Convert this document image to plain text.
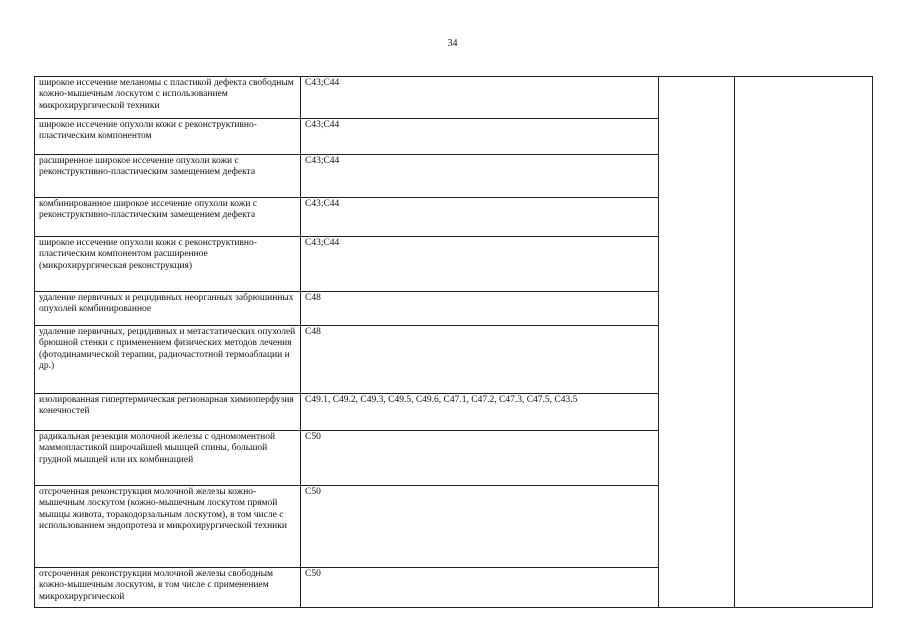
34
широкое иссечение меланомы с пластикой дефекта свободным кожно-мышечным лоскутом с использованием микрохирургической техники	C43;C44		
широкое иссечение опухоли кожи с реконструктивно-пластическим компонентом	C43;C44		
расширенное широкое иссечение опухоли кожи с реконструктивно-пластическим замещением дефекта	C43;C44		
комбинированное широкое иссечение опухоли кожи с реконструктивно-пластическим замещением дефекта	C43;C44		
широкое иссечение опухоли кожи с реконструктивно-пластическим компонентом расширенное (микрохирургическая реконструкция)	C43;C44		
удаление первичных и рецидивных неорганных забрюшинных опухолей комбинированное	C48		
удаление первичных, рецидивных и метастатических опухолей брюшной стенки с применением физических методов лечения (фотодинамической терапии, радиочастотной термоаблации и др.)	C48		
изолированная гипертермическая регионарная химиоперфузия конечностей	C49.1, C49.2, C49.3, C49.5, C49.6, C47.1, C47.2, C47.3, C47.5, C43.5		
радикальная резекция молочной железы с одномоментной маммопластикой широчайшей мышцей спины, большой грудной мышцей или их комбинацией	C50		
отсроченная реконструкция молочной железы кожно-мышечным лоскутом (кожно-мышечным лоскутом прямой мышцы живота, торакодорзальным лоскутом), в том числе с использованием эндопротеза и микрохирургической техники	C50		
отсроченная реконструкция молочной железы свободным кожно-мышечным лоскутом, в том числе с применением микрохирургической	C50		
